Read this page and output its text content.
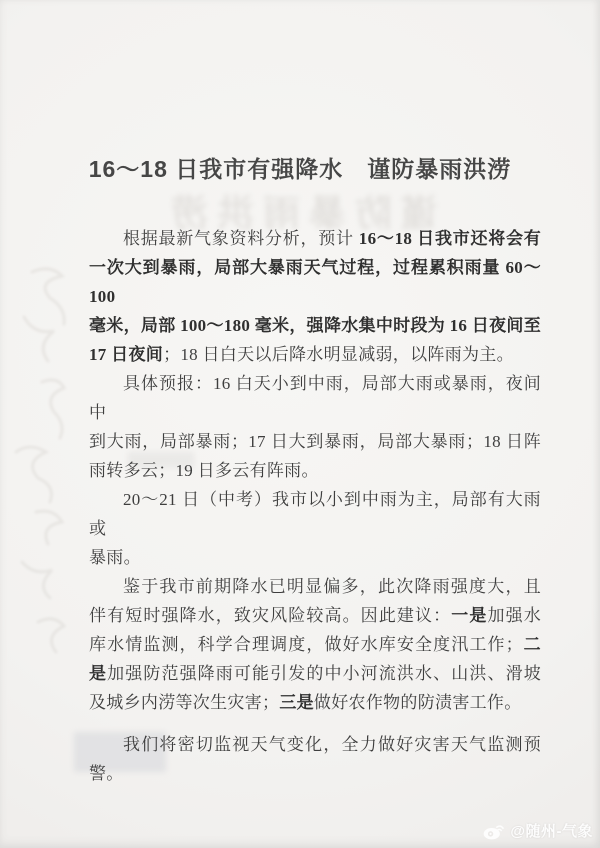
谨防暴雨洪涝
16～18 日我市有强降水　谨防暴雨洪涝
根据最新气象资料分析，预计 16～18 日我市还将会有
一次大到暴雨，局部大暴雨天气过程，过程累积雨量 60～100
毫米，局部 100～180 毫米，强降水集中时段为 16 日夜间至
17 日夜间；18 日白天以后降水明显减弱，以阵雨为主。
具体预报：16 白天小到中雨，局部大雨或暴雨，夜间中
到大雨，局部暴雨；17 日大到暴雨，局部大暴雨；18 日阵
雨转多云；19 日多云有阵雨。
20～21 日（中考）我市以小到中雨为主，局部有大雨或
暴雨。
鉴于我市前期降水已明显偏多，此次降雨强度大，且
伴有短时强降水，致灾风险较高。因此建议：一是加强水
库水情监测，科学合理调度，做好水库安全度汛工作；二
是加强防范强降雨可能引发的中小河流洪水、山洪、滑坡
及城乡内涝等次生灾害；三是做好农作物的防渍害工作。
我们将密切监视天气变化，全力做好灾害天气监测预
警。
@随州-气象
